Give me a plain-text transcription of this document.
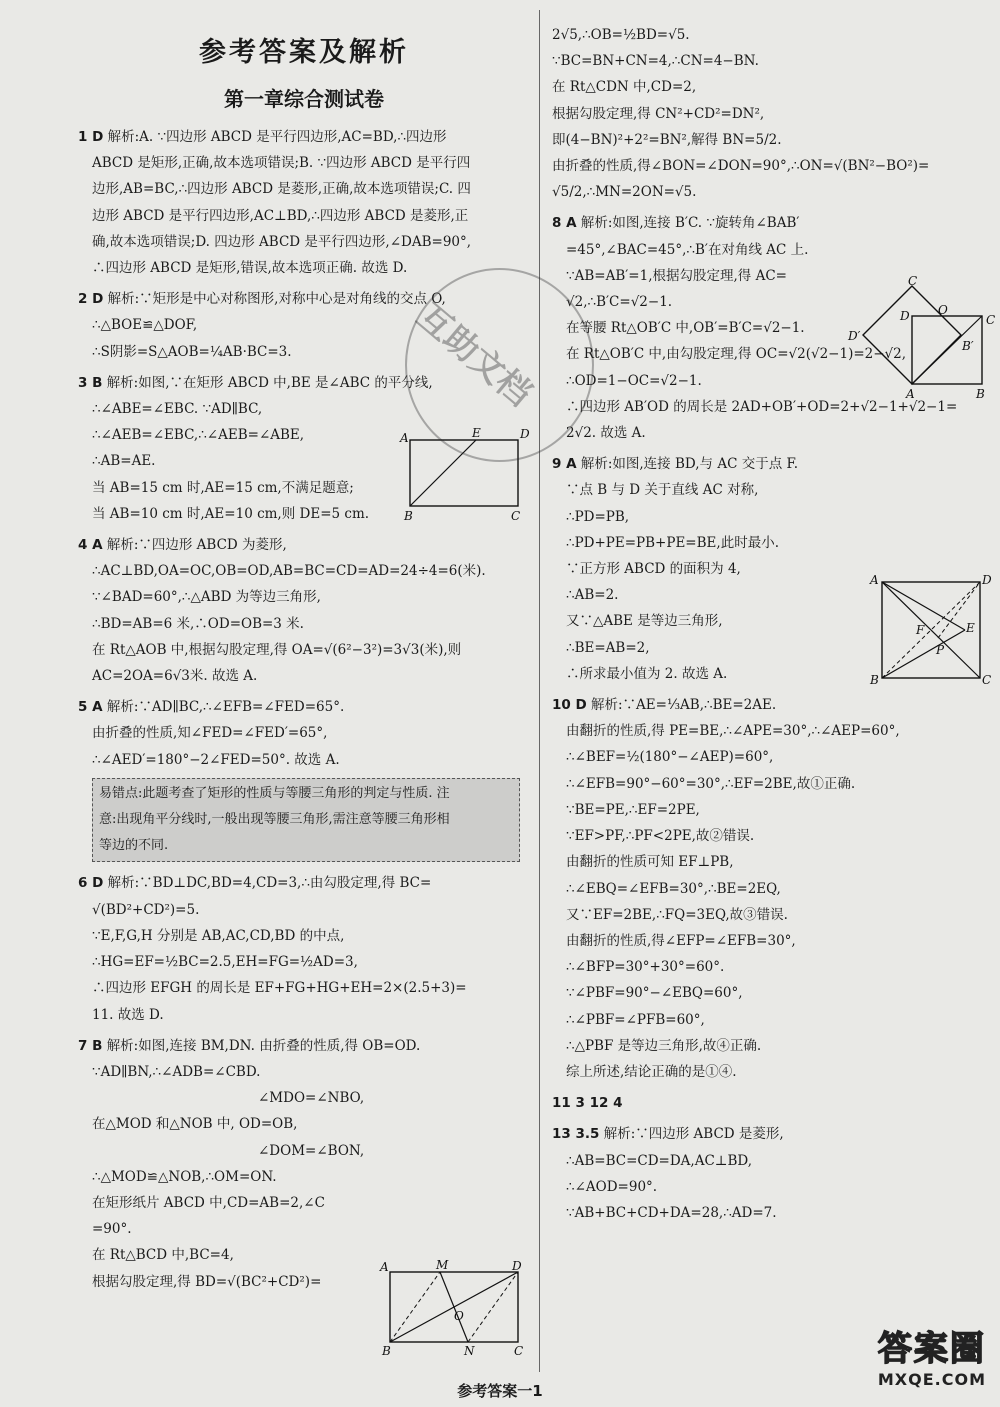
参考答案及解析
第一章综合测试卷
1 D 解析:A. ∵四边形 ABCD 是平行四边形,AC=BD,∴四边形
ABCD 是矩形,正确,故本选项错误;B. ∵四边形 ABCD 是平行四
边形,AB=BC,∴四边形 ABCD 是菱形,正确,故本选项错误;C. 四
边形 ABCD 是平行四边形,AC⊥BD,∴四边形 ABCD 是菱形,正
确,故本选项错误;D. 四边形 ABCD 是平行四边形,∠DAB=90°,
∴四边形 ABCD 是矩形,错误,故本选项正确. 故选 D.
2 D 解析:∵矩形是中心对称图形,对称中心是对角线的交点 O,
∴△BOE≌△DOF,
∴S阴影=S△AOB=¼AB·BC=3.
3 B 解析:如图,∵在矩形 ABCD 中,BE 是∠ABC 的平分线,
∴∠ABE=∠EBC. ∵AD∥BC,
∴∠AEB=∠EBC,∴∠AEB=∠ABE,
∴AB=AE.
当 AB=15 cm 时,AE=15 cm,不满足题意;
当 AB=10 cm 时,AE=10 cm,则 DE=5 cm.
4 A 解析:∵四边形 ABCD 为菱形,
∴AC⊥BD,OA=OC,OB=OD,AB=BC=CD=AD=24÷4=6(米).
∵∠BAD=60°,∴△ABD 为等边三角形,
∴BD=AB=6 米,∴OD=OB=3 米.
在 Rt△AOB 中,根据勾股定理,得 OA=√(6²−3²)=3√3(米),则
AC=2OA=6√3米. 故选 A.
5 A 解析:∵AD∥BC,∴∠EFB=∠FED=65°.
由折叠的性质,知∠FED=∠FED′=65°,
∴∠AED′=180°−2∠FED=50°. 故选 A.
易错点:此题考查了矩形的性质与等腰三角形的判定与性质. 注
意:出现角平分线时,一般出现等腰三角形,需注意等腰三角形相
等边的不同.
6 D 解析:∵BD⊥DC,BD=4,CD=3,∴由勾股定理,得 BC=
√(BD²+CD²)=5.
∵E,F,G,H 分别是 AB,AC,CD,BD 的中点,
∴HG=EF=½BC=2.5,EH=FG=½AD=3,
∴四边形 EFGH 的周长是 EF+FG+HG+EH=2×(2.5+3)=
11. 故选 D.
7 B 解析:如图,连接 BM,DN. 由折叠的性质,得 OB=OD.
∵AD∥BN,∴∠ADB=∠CBD.
∠MDO=∠NBO,
在△MOD 和△NOB 中, OD=OB,
∠DOM=∠BON,
∴△MOD≌△NOB,∴OM=ON.
在矩形纸片 ABCD 中,CD=AB=2,∠C
=90°.
在 Rt△BCD 中,BC=4,
根据勾股定理,得 BD=√(BC²+CD²)=
2√5,∴OB=½BD=√5.
∵BC=BN+CN=4,∴CN=4−BN.
在 Rt△CDN 中,CD=2,
根据勾股定理,得 CN²+CD²=DN²,
即(4−BN)²+2²=BN²,解得 BN=5/2.
由折叠的性质,得∠BON=∠DON=90°,∴ON=√(BN²−BO²)=
√5/2,∴MN=2ON=√5.
8 A 解析:如图,连接 B′C. ∵旋转角∠BAB′
=45°,∠BAC=45°,∴B′在对角线 AC 上.
∵AB=AB′=1,根据勾股定理,得 AC=
√2,∴B′C=√2−1.
在等腰 Rt△OB′C 中,OB′=B′C=√2−1.
在 Rt△OB′C 中,由勾股定理,得 OC=√2(√2−1)=2−√2,
∴OD=1−OC=√2−1.
∴四边形 AB′OD 的周长是 2AD+OB′+OD=2+√2−1+√2−1=
2√2. 故选 A.
9 A 解析:如图,连接 BD,与 AC 交于点 F.
∵点 B 与 D 关于直线 AC 对称,
∴PD=PB,
∴PD+PE=PB+PE=BE,此时最小.
∵正方形 ABCD 的面积为 4,
∴AB=2.
又∵△ABE 是等边三角形,
∴BE=AB=2,
∴所求最小值为 2. 故选 A.
10 D 解析:∵AE=⅓AB,∴BE=2AE.
由翻折的性质,得 PE=BE,∴∠APE=30°,∴∠AEP=60°,
∴∠BEF=½(180°−∠AEP)=60°,
∴∠EFB=90°−60°=30°,∴EF=2BE,故①正确.
∵BE=PE,∴EF=2PE,
∵EF>PF,∴PF<2PE,故②错误.
由翻折的性质可知 EF⊥PB,
∴∠EBQ=∠EFB=30°,∴BE=2EQ,
又∵EF=2BE,∴FQ=3EQ,故③错误.
由翻折的性质,得∠EFP=∠EFB=30°,
∴∠BFP=30°+30°=60°.
∵∠PBF=90°−∠EBQ=60°,
∴∠PBF=∠PFB=60°,
∴△PBF 是等边三角形,故④正确.
综上所述,结论正确的是①④.
11 3 12 4
13 3.5 解析:∵四边形 ABCD 是菱形,
∴AB=BC=CD=DA,AC⊥BD,
∴∠AOD=90°.
∵AB+BC+CD+DA=28,∴AD=7.
A	E	D
B	C
A	M	D
O
B	N	C
C
D O
C
D′
B′
A	B
A	D
F	E
P
B	C
互助文档
参考答案一1
答案圈
MXQE.COM
